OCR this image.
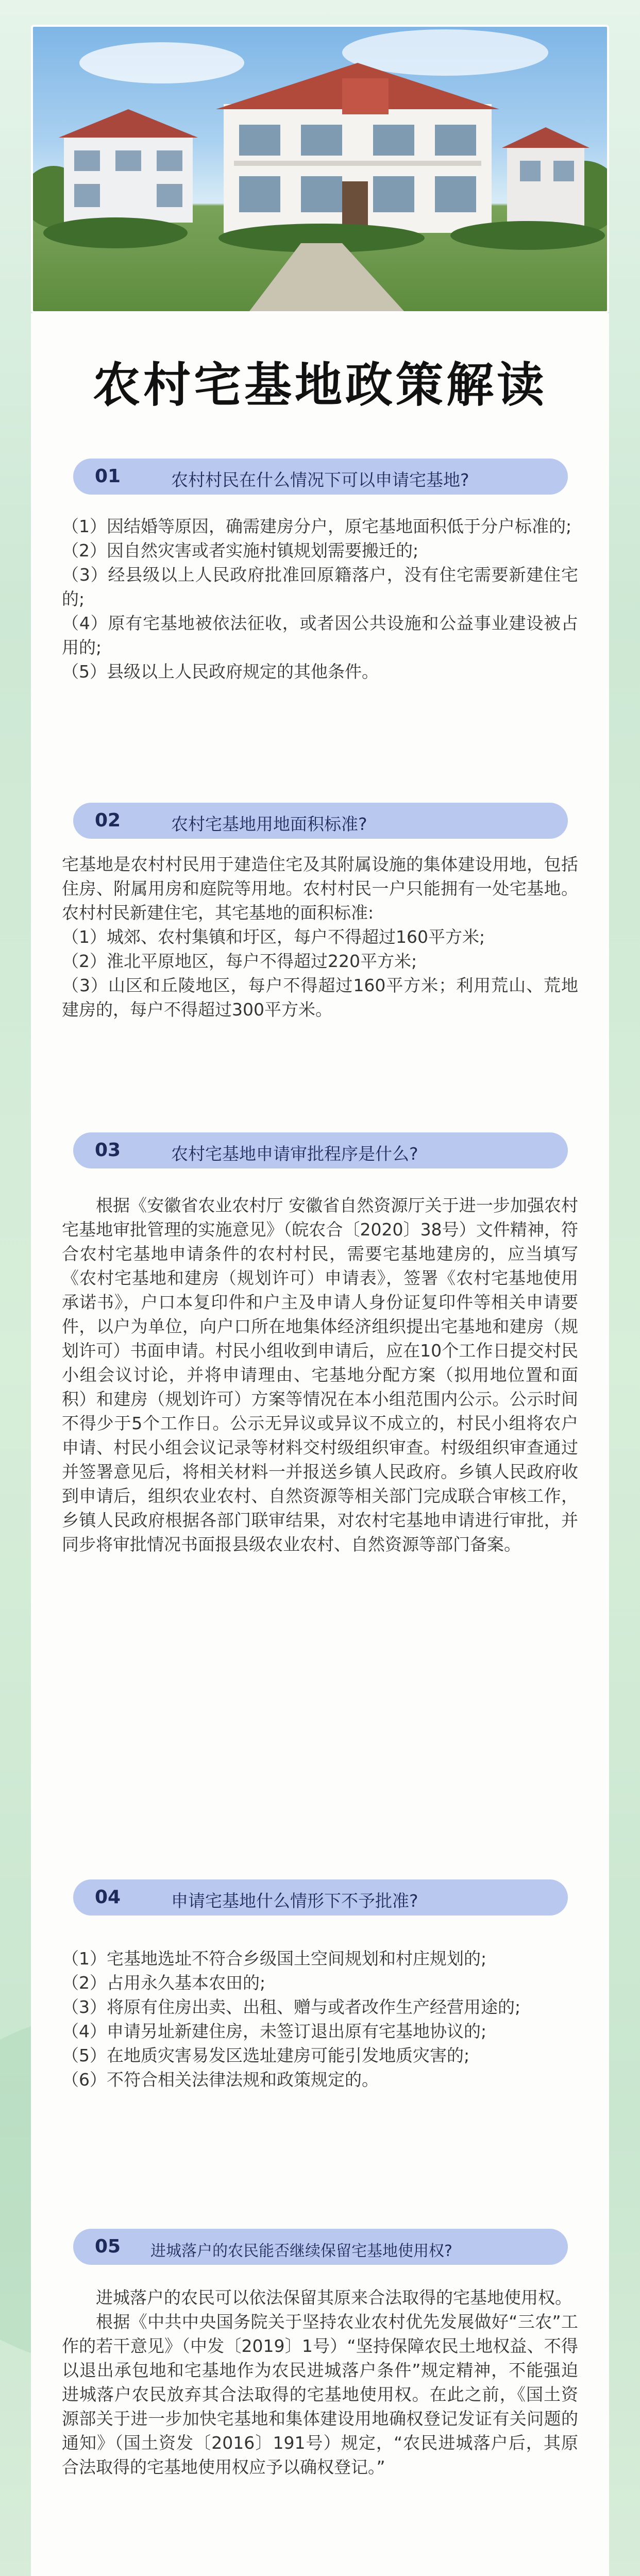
农村宅基地政策解读
01	农村村民在什么情况下可以申请宅基地?

（1）因结婚等原因，确需建房分户，原宅基地面积低于分户标准的;

（2）因自然灾害或者实施村镇规划需要搬迁的;

（3）经县级以上人民政府批准回原籍落户，没有住宅需要新建住宅的;

（4）原有宅基地被依法征收，或者因公共设施和公益事业建设被占用的;

（5）县级以上人民政府规定的其他条件。

02	农村宅基地用地面积标准?

宅基地是农村村民用于建造住宅及其附属设施的集体建设用地，包括住房、附属用房和庭院等用地。农村村民一户只能拥有一处宅基地。农村村民新建住宅，其宅基地的面积标准:

（1）城郊、农村集镇和圩区，每户不得超过160平方米;

（2）淮北平原地区，每户不得超过220平方米;

（3）山区和丘陵地区，每户不得超过160平方米；利用荒山、荒地建房的，每户不得超过300平方米。

03	农村宅基地申请审批程序是什么?

根据《安徽省农业农村厅 安徽省自然资源厅关于进一步加强农村宅基地审批管理的实施意见》（皖农合〔2020〕38号）文件精神，符合农村宅基地申请条件的农村村民，需要宅基地建房的，应当填写《农村宅基地和建房（规划许可）申请表》，签署《农村宅基地使用承诺书》，户口本复印件和户主及申请人身份证复印件等相关申请要件，以户为单位，向户口所在地集体经济组织提出宅基地和建房（规划许可）书面申请。村民小组收到申请后，应在10个工作日提交村民小组会议讨论，并将申请理由、宅基地分配方案（拟用地位置和面积）和建房（规划许可）方案等情况在本小组范围内公示。公示时间不得少于5个工作日。公示无异议或异议不成立的，村民小组将农户申请、村民小组会议记录等材料交村级组织审查。村级组织审查通过并签署意见后，将相关材料一并报送乡镇人民政府。乡镇人民政府收到申请后，组织农业农村、自然资源等相关部门完成联合审核工作，乡镇人民政府根据各部门联审结果，对农村宅基地申请进行审批，并同步将审批情况书面报县级农业农村、自然资源等部门备案。

04	申请宅基地什么情形下不予批准?

（1）宅基地选址不符合乡级国土空间规划和村庄规划的;

（2）占用永久基本农田的;

（3）将原有住房出卖、出租、赠与或者改作生产经营用途的;

（4）申请另址新建住房，未签订退出原有宅基地协议的;

（5）在地质灾害易发区选址建房可能引发地质灾害的;

（6）不符合相关法律法规和政策规定的。

05 进城落户的农民能否继续保留宅基地使用权?

进城落户的农民可以依法保留其原来合法取得的宅基地使用权。

根据《中共中央国务院关于坚持农业农村优先发展做好“三农”工作的若干意见》（中发〔2019〕1号）“坚持保障农民土地权益、不得以退出承包地和宅基地作为农民进城落户条件”规定精神，不能强迫进城落户农民放弃其合法取得的宅基地使用权。在此之前，《国土资源部关于进一步加快宅基地和集体建设用地确权登记发证有关问题的通知》（国土资发〔2016〕191号）规定，“农民进城落户后，其原合法取得的宅基地使用权应予以确权登记。”
